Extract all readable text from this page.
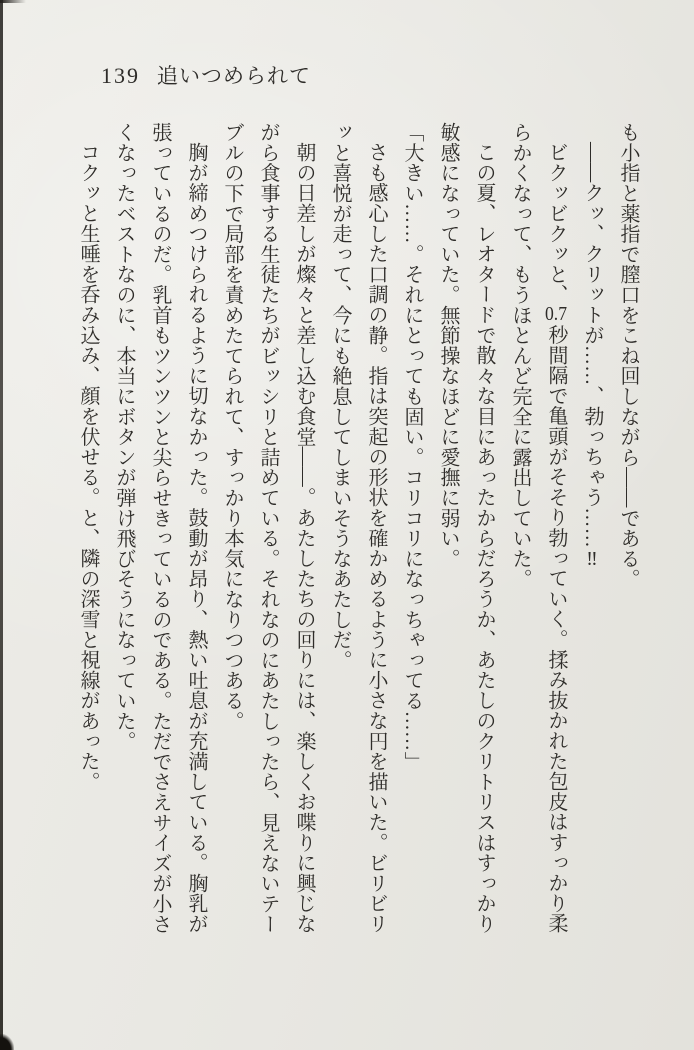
139 追いつめられて
も小指と薬指で膣口をこね回しながら――である。
――クッ、クリットが……、勃っちゃう……‼
ビクッビクッと、0.7秒間隔で亀頭がそそり勃っていく。揉み抜かれた包皮はすっかり柔
らかくなって、もうほとんど完全に露出していた。
この夏、レオタードで散々な目にあったからだろうか、あたしのクリトリスはすっかり
敏感になっていた。無節操なほどに愛撫に弱い。
「大きい……。それにとっても固い。コリコリになっちゃってる……」
さも感心した口調の静。指は突起の形状を確かめるように小さな円を描いた。ビリビリ
ッと喜悦が走って、今にも絶息してしまいそうなあたしだ。
朝の日差しが燦々と差し込む食堂――。あたしたちの回りには、楽しくお喋りに興じな
がら食事する生徒たちがビッシリと詰めている。それなのにあたしったら、見えないテー
ブルの下で局部を責めたてられて、すっかり本気になりつつある。
胸が締めつけられるように切なかった。鼓動が昂り、熱い吐息が充満している。胸乳が
張っているのだ。乳首もツンツンと尖らせきっているのである。ただでさえサイズが小さ
くなったベストなのに、本当にボタンが弾け飛びそうになっていた。
コクッと生唾を呑み込み、顔を伏せる。と、隣の深雪と視線があった。
